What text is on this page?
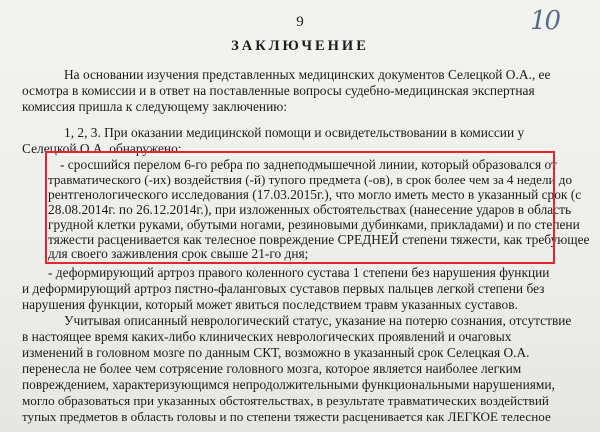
9	10
ЗАКЛЮЧЕНИЕ
На основании изучения представленных медицинских документов Селецкой О.А., ее
осмотра в комиссии и в ответ на поставленные вопросы судебно-медицинская экспертная
комиссия пришла к следующему заключению:
1, 2, 3. При оказании медицинской помощи и освидетельствовании в комиссии у
Селецкой О.А. обнаружено:
- сросшийся перелом 6-го ребра по заднеподмышечной линии, который образовался от
травматического (-их) воздействия (-й) тупого предмета (-ов), в срок более чем за 4 недели до
рентгенологического исследования (17.03.2015г.), что могло иметь место в указанный срок (с
28.08.2014г. по 26.12.2014г.), при изложенных обстоятельствах (нанесение ударов в область
грудной клетки руками, обутыми ногами, резиновыми дубинками, прикладами) и по степени
тяжести расценивается как телесное повреждение СРЕДНЕЙ степени тяжести, как требующее
для своего заживления срок свыше 21-го дня;
- деформирующий артроз правого коленного сустава 1 степени без нарушения функции
и деформирующий артроз пястно-фаланговых суставов первых пальцев легкой степени без
нарушения функции, который может явиться последствием травм указанных суставов.
Учитывая описанный неврологический статус, указание на потерю сознания, отсутствие
в настоящее время каких-либо клинических неврологических проявлений и очаговых
изменений в головном мозге по данным СКТ, возможно в указанный срок Селецкая О.А.
перенесла не более чем сотрясение головного мозга, которое является наиболее легким
повреждением, характеризующимся непродолжительными функциональными нарушениями,
могло образоваться при указанных обстоятельствах, в результате травматических воздействий
тупых предметов в область головы и по степени тяжести расценивается как ЛЕГКОЕ телесное
